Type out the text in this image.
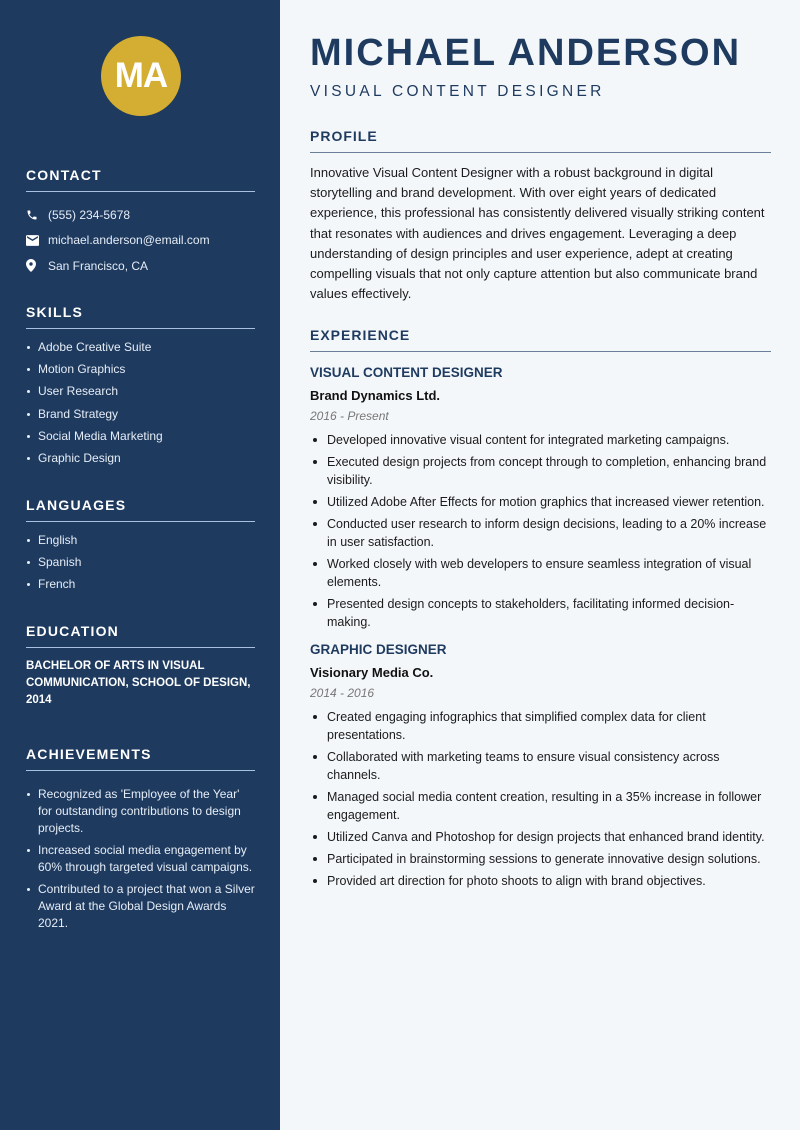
MA
CONTACT
(555) 234-5678
michael.anderson@email.com
San Francisco, CA
SKILLS
Adobe Creative Suite
Motion Graphics
User Research
Brand Strategy
Social Media Marketing
Graphic Design
LANGUAGES
English
Spanish
French
EDUCATION

BACHELOR OF ARTS IN VISUAL COMMUNICATION, SCHOOL OF DESIGN, 2014

ACHIEVEMENTS
Recognized as 'Employee of the Year' for outstanding contributions to design projects.
Increased social media engagement by 60% through targeted visual campaigns.
Contributed to a project that won a Silver Award at the Global Design Awards 2021.
MICHAEL ANDERSON
VISUAL CONTENT DESIGNER
PROFILE

Innovative Visual Content Designer with a robust background in digital storytelling and brand development. With over eight years of dedicated experience, this professional has consistently delivered visually striking content that resonates with audiences and drives engagement. Leveraging a deep understanding of design principles and user experience, adept at creating compelling visuals that not only capture attention but also communicate brand values effectively.

EXPERIENCE
VISUAL CONTENT DESIGNER
Brand Dynamics Ltd.
2016 - Present
Developed innovative visual content for integrated marketing campaigns.
Executed design projects from concept through to completion, enhancing brand visibility.
Utilized Adobe After Effects for motion graphics that increased viewer retention.
Conducted user research to inform design decisions, leading to a 20% increase in user satisfaction.
Worked closely with web developers to ensure seamless integration of visual elements.
Presented design concepts to stakeholders, facilitating informed decision-making.
GRAPHIC DESIGNER
Visionary Media Co.
2014 - 2016
Created engaging infographics that simplified complex data for client presentations.
Collaborated with marketing teams to ensure visual consistency across channels.
Managed social media content creation, resulting in a 35% increase in follower engagement.
Utilized Canva and Photoshop for design projects that enhanced brand identity.
Participated in brainstorming sessions to generate innovative design solutions.
Provided art direction for photo shoots to align with brand objectives.
